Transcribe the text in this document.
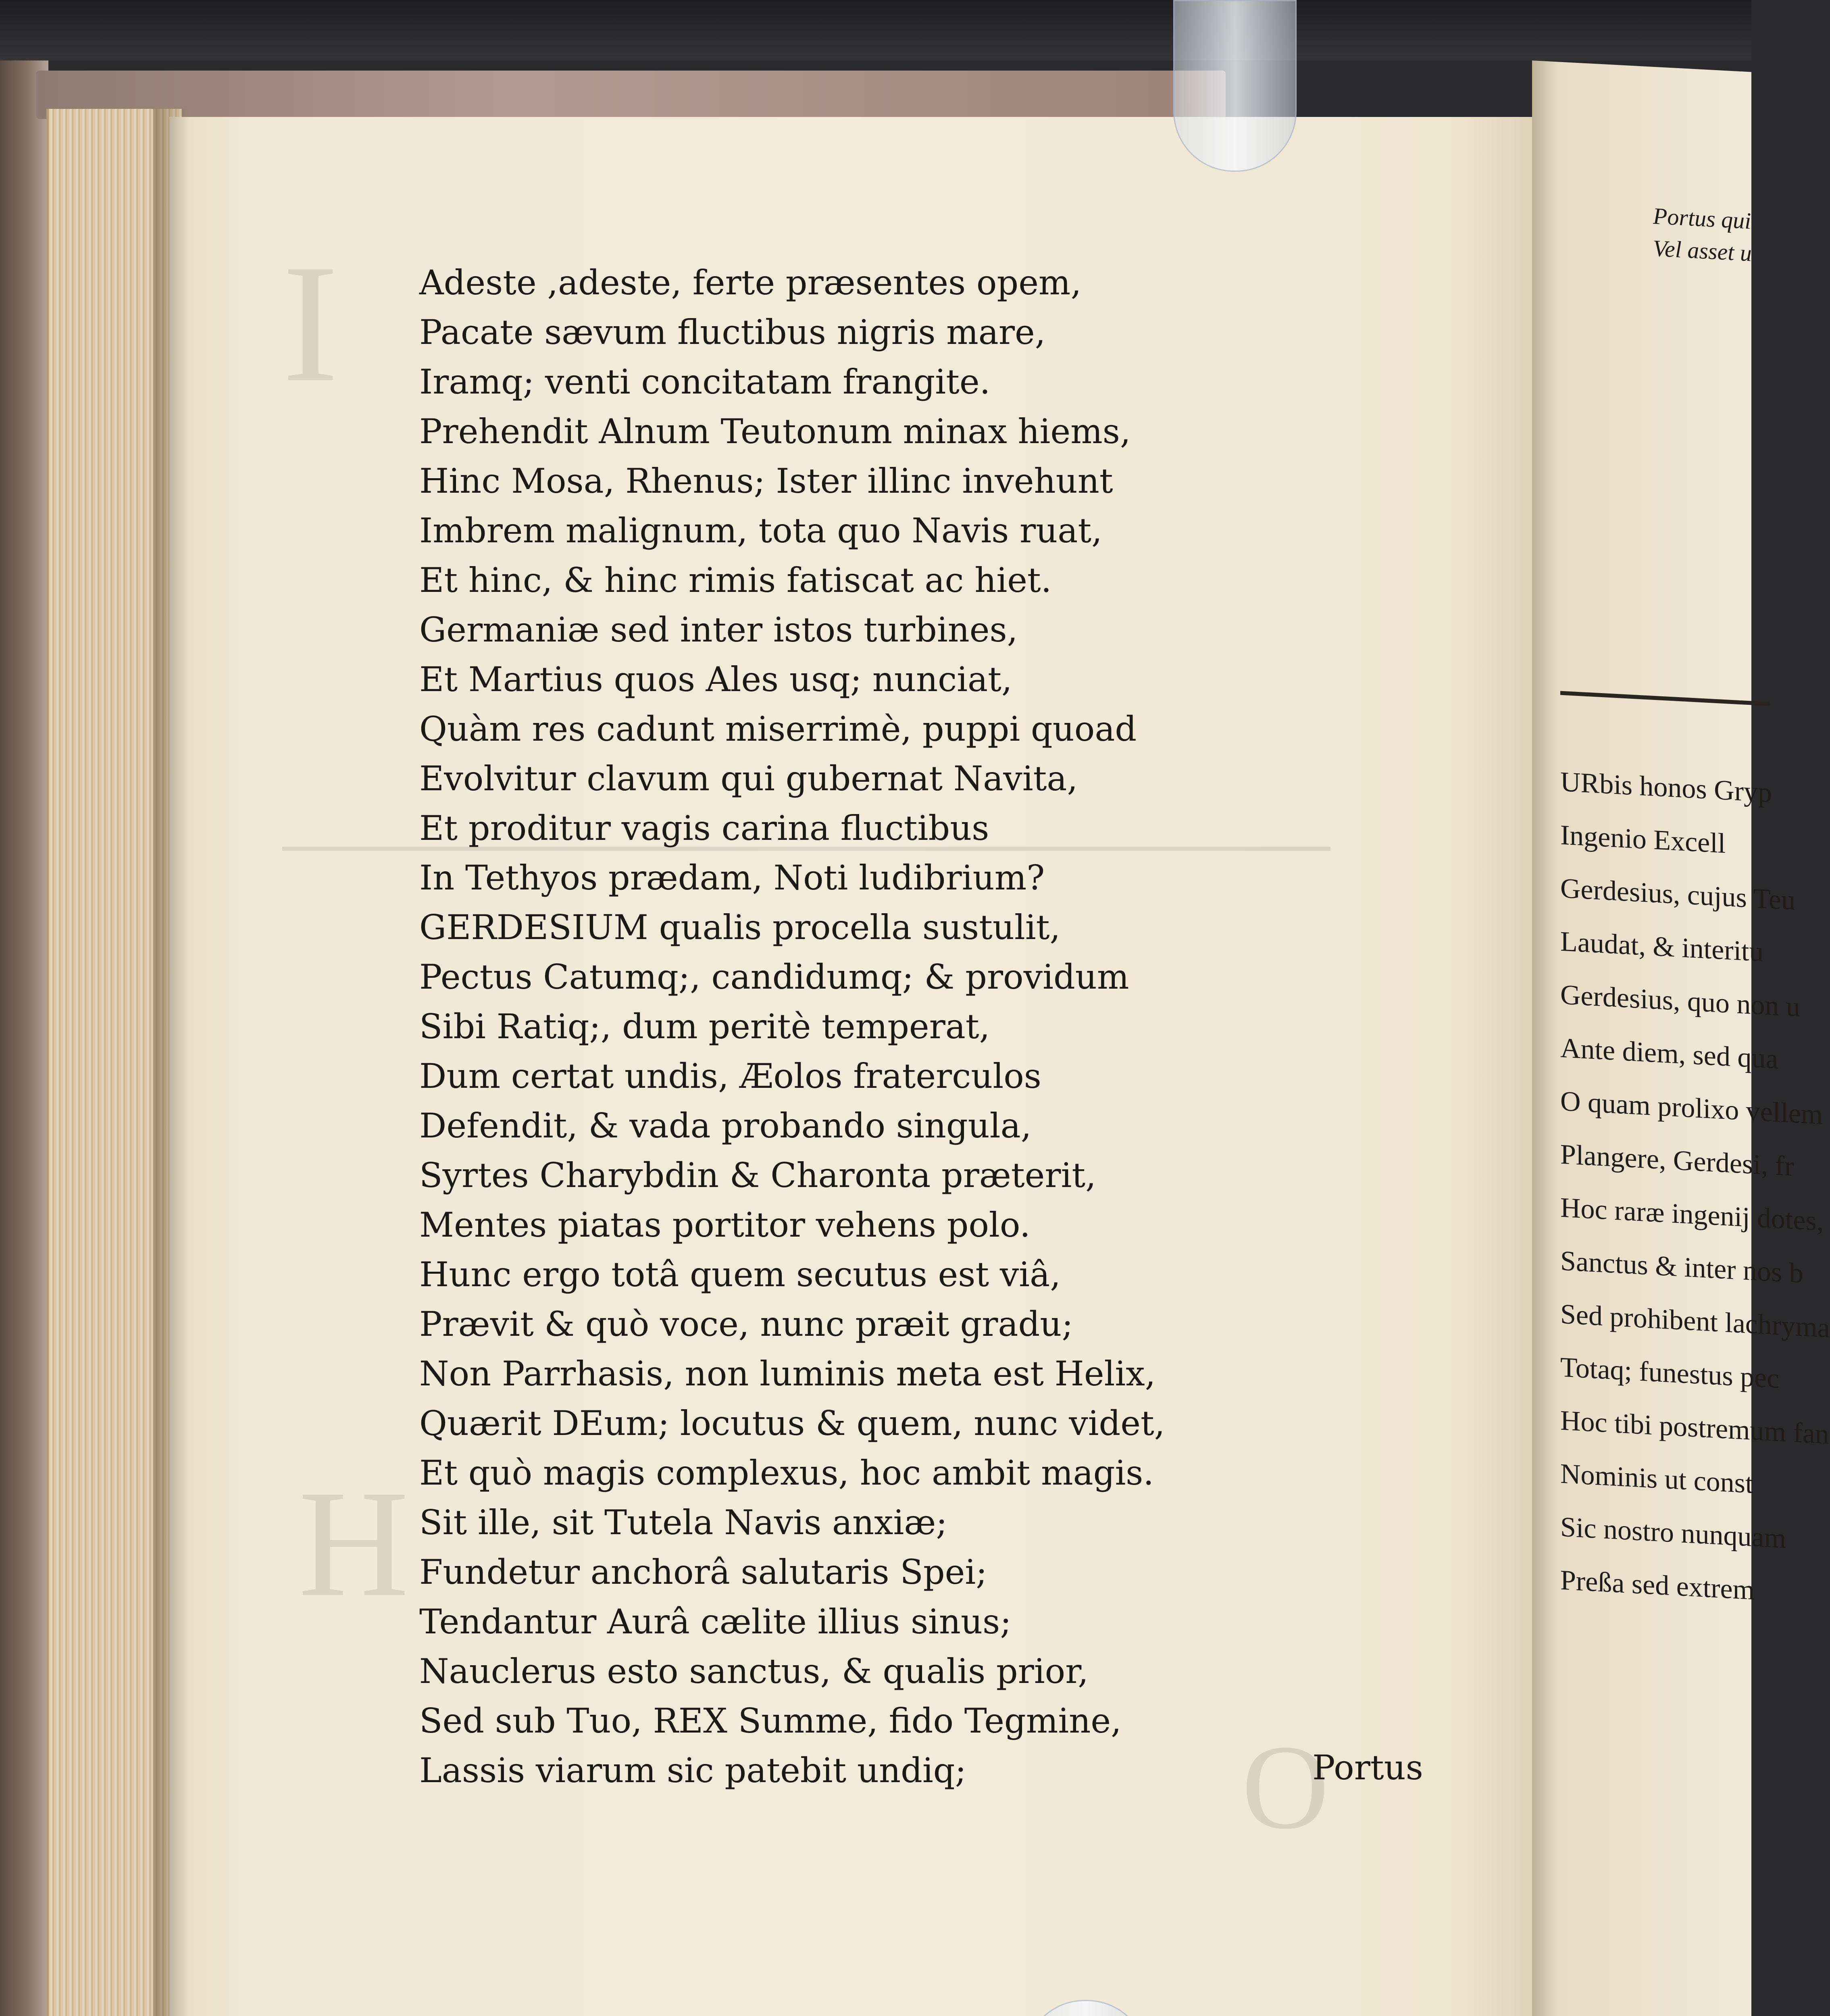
Adeste ,adeste, ferte præsentes opem,
Pacate sævum fluctibus nigris mare,
Iramq; venti concitatam frangite.
Prehendit Alnum Teutonum minax hiems,
Hinc Mosa, Rhenus; Ister illinc invehunt
Imbrem malignum, tota quo Navis ruat,
Et hinc, & hinc rimis fatiscat ac hiet.
Germaniæ sed inter istos turbines,
Et Martius quos Ales usq; nunciat,
Quàm res cadunt miserrimè, puppi quoad
Evolvitur clavum qui gubernat Navita,
Et proditur vagis carina fluctibus
In Tethyos prædam, Noti ludibrium?
GERDESIUM qualis procella sustulit,
Pectus Catumq;, candidumq; & providum
Sibi Ratiq;, dum peritè temperat,
Dum certat undis, Æolos fraterculos
Defendit, & vada probando singula,
Syrtes Charybdin & Charonta præterit,
Mentes piatas portitor vehens polo.
Hunc ergo totâ quem secutus est viâ,
Prævit & quò voce, nunc præit gradu;
Non Parrhasis, non luminis meta est Helix,
Quærit DEum; locutus & quem, nunc videt,
Et quò magis complexus, hoc ambit magis.
Sit ille, sit Tutela Navis anxiæ;
Fundetur anchorâ salutaris Spei;
Tendantur Aurâ cælite illius sinus;
Nauclerus esto sanctus, & qualis prior,
Sed sub Tuo, REX Summe, fido Tegmine,
Lassis viarum sic patebit undiq;	Portus
Portus qui
Vel asset u
URbis honos Gryp
Ingenio Excell
Gerdesius, cujus Teu
Laudat, & interitu
Gerdesius, quo non u
Ante diem, sed qua
O quam prolixo vellem
Plangere, Gerdesi, fr
Hoc raræ ingenij dotes,
Sanctus & inter nos b
Sed prohibent lachryma
Totaq; funestus pec
Hoc tibi postremum fan
Nominis ut const
Sic nostro nunquam
Preßa sed extrem
